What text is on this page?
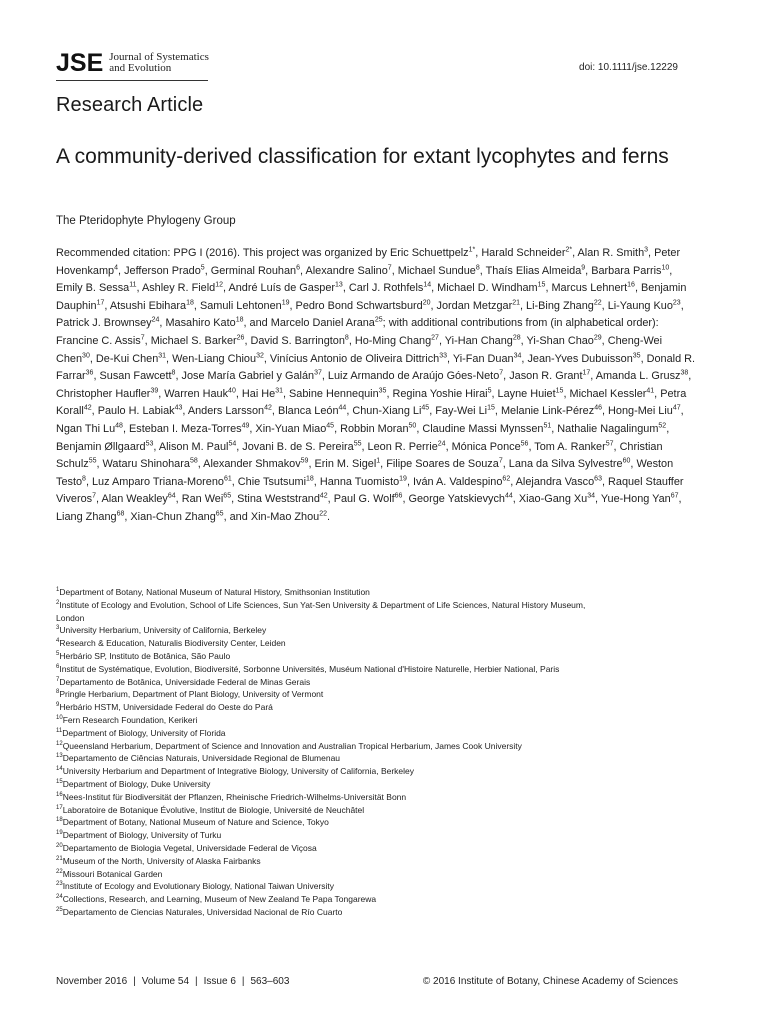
JSE Journal of Systematics
and Evolution	doi: 10.1111/jse.12229
Research Article
A community-derived classification for extant lycophytes and ferns
The Pteridophyte Phylogeny Group
Recommended citation: PPG I (2016). This project was organized by Eric Schuettpelz$^{1*}$, Harald Schneider$^{2*}$, Alan R. Smith$^3$, Peter Hovenkamp$^4$, Jefferson Prado$^5$, Germinal Rouhan$^6$, Alexandre Salino$^7$, Michael Sundue$^8$, Thaís Elias Almeida$^9$, Barbara Parris$^{10}$, Emily B. Sessa$^{11}$, Ashley R. Field$^{12}$, André Luís de Gasper$^{13}$, Carl J. Rothfels$^{14}$, Michael D. Windham$^{15}$, Marcus Lehnert$^{16}$, Benjamin Dauphin$^{17}$, Atsushi Ebihara$^{18}$, Samuli Lehtonen$^{19}$, Pedro Bond Schwartsburd$^{20}$, Jordan Metzgar$^{21}$, Li-Bing Zhang$^{22}$, Li-Yaung Kuo$^{23}$, Patrick J. Brownsey$^{24}$, Masahiro Kato$^{18}$, and Marcelo Daniel Arana$^{25}$; with additional contributions from (in alphabetical order): Francine C. Assis$^7$, Michael S. Barker$^{26}$, David S. Barrington$^8$, Ho-Ming Chang$^{27}$, Yi-Han Chang$^{28}$, Yi-Shan Chao$^{29}$, Cheng-Wei Chen$^{30}$, De-Kui Chen$^{31}$, Wen-Liang Chiou$^{32}$, Vinícius Antonio de Oliveira Dittrich$^{33}$, Yi-Fan Duan$^{34}$, Jean-Yves Dubuisson$^{35}$, Donald R. Farrar$^{36}$, Susan Fawcett$^8$, Jose María Gabriel y Galán$^{37}$, Luiz Armando de Araújo Góes-Neto$^7$, Jason R. Grant$^{17}$, Amanda L. Grusz$^{38}$, Christopher Haufler$^{39}$, Warren Hauk$^{40}$, Hai He$^{31}$, Sabine Hennequin$^{35}$, Regina Yoshie Hirai$^5$, Layne Huiet$^{15}$, Michael Kessler$^{41}$, Petra Korall$^{42}$, Paulo H. Labiak$^{43}$, Anders Larsson$^{42}$, Blanca León$^{44}$, Chun-Xiang Li$^{45}$, Fay-Wei Li$^{15}$, Melanie Link-Pérez$^{46}$, Hong-Mei Liu$^{47}$, Ngan Thi Lu$^{48}$, Esteban I. Meza-Torres$^{49}$, Xin-Yuan Miao$^{45}$, Robbin Moran$^{50}$, Claudine Massi Mynssen$^{51}$, Nathalie Nagalingum$^{52}$, Benjamin Øllgaard$^{53}$, Alison M. Paul$^{54}$, Jovani B. de S. Pereira$^{55}$, Leon R. Perrie$^{24}$, Mónica Ponce$^{56}$, Tom A. Ranker$^{57}$, Christian Schulz$^{55}$, Wataru Shinohara$^{58}$, Alexander Shmakov$^{59}$, Erin M. Sigel$^1$, Filipe Soares de Souza$^7$, Lana da Silva Sylvestre$^{60}$, Weston Testo$^8$, Luz Amparo Triana-Moreno$^{61}$, Chie Tsutsumi$^{18}$, Hanna Tuomisto$^{19}$, Iván A. Valdespino$^{62}$, Alejandra Vasco$^{63}$, Raquel Stauffer Viveros$^7$, Alan Weakley$^{64}$, Ran Wei$^{65}$, Stina Weststrand$^{42}$, Paul G. Wolf$^{66}$, George Yatskievych$^{44}$, Xiao-Gang Xu$^{34}$, Yue-Hong Yan$^{67}$, Liang Zhang$^{68}$, Xian-Chun Zhang$^{65}$, and Xin-Mao Zhou$^{22}$.
$^1$Department of Botany, National Museum of Natural History, Smithsonian Institution
$^2$Institute of Ecology and Evolution, School of Life Sciences, Sun Yat-Sen University & Department of Life Sciences, Natural History Museum,
London
$^3$University Herbarium, University of California, Berkeley
$^4$Research & Education, Naturalis Biodiversity Center, Leiden
$^5$Herbário SP, Instituto de Botânica, São Paulo
$^6$Institut de Systématique, Evolution, Biodiversité, Sorbonne Universités, Muséum National d'Histoire Naturelle, Herbier National, Paris
$^7$Departamento de Botânica, Universidade Federal de Minas Gerais
$^8$Pringle Herbarium, Department of Plant Biology, University of Vermont
$^9$Herbário HSTM, Universidade Federal do Oeste do Pará
$^{10}$Fern Research Foundation, Kerikeri
$^{11}$Department of Biology, University of Florida
$^{12}$Queensland Herbarium, Department of Science and Innovation and Australian Tropical Herbarium, James Cook University
$^{13}$Departamento de Ciências Naturais, Universidade Regional de Blumenau
$^{14}$University Herbarium and Department of Integrative Biology, University of California, Berkeley
$^{15}$Department of Biology, Duke University
$^{16}$Nees-Institut für Biodiversität der Pflanzen, Rheinische Friedrich-Wilhelms-Universität Bonn
$^{17}$Laboratoire de Botanique Évolutive, Institut de Biologie, Université de Neuchâtel
$^{18}$Department of Botany, National Museum of Nature and Science, Tokyo
$^{19}$Department of Biology, University of Turku
$^{20}$Departamento de Biologia Vegetal, Universidade Federal de Viçosa
$^{21}$Museum of the North, University of Alaska Fairbanks
$^{22}$Missouri Botanical Garden
$^{23}$Institute of Ecology and Evolutionary Biology, National Taiwan University
$^{24}$Collections, Research, and Learning, Museum of New Zealand Te Papa Tongarewa
$^{25}$Departamento de Ciencias Naturales, Universidad Nacional de Río Cuarto
November 2016 | Volume 54 | Issue 6 | 563–603	© 2016 Institute of Botany, Chinese Academy of Sciences
